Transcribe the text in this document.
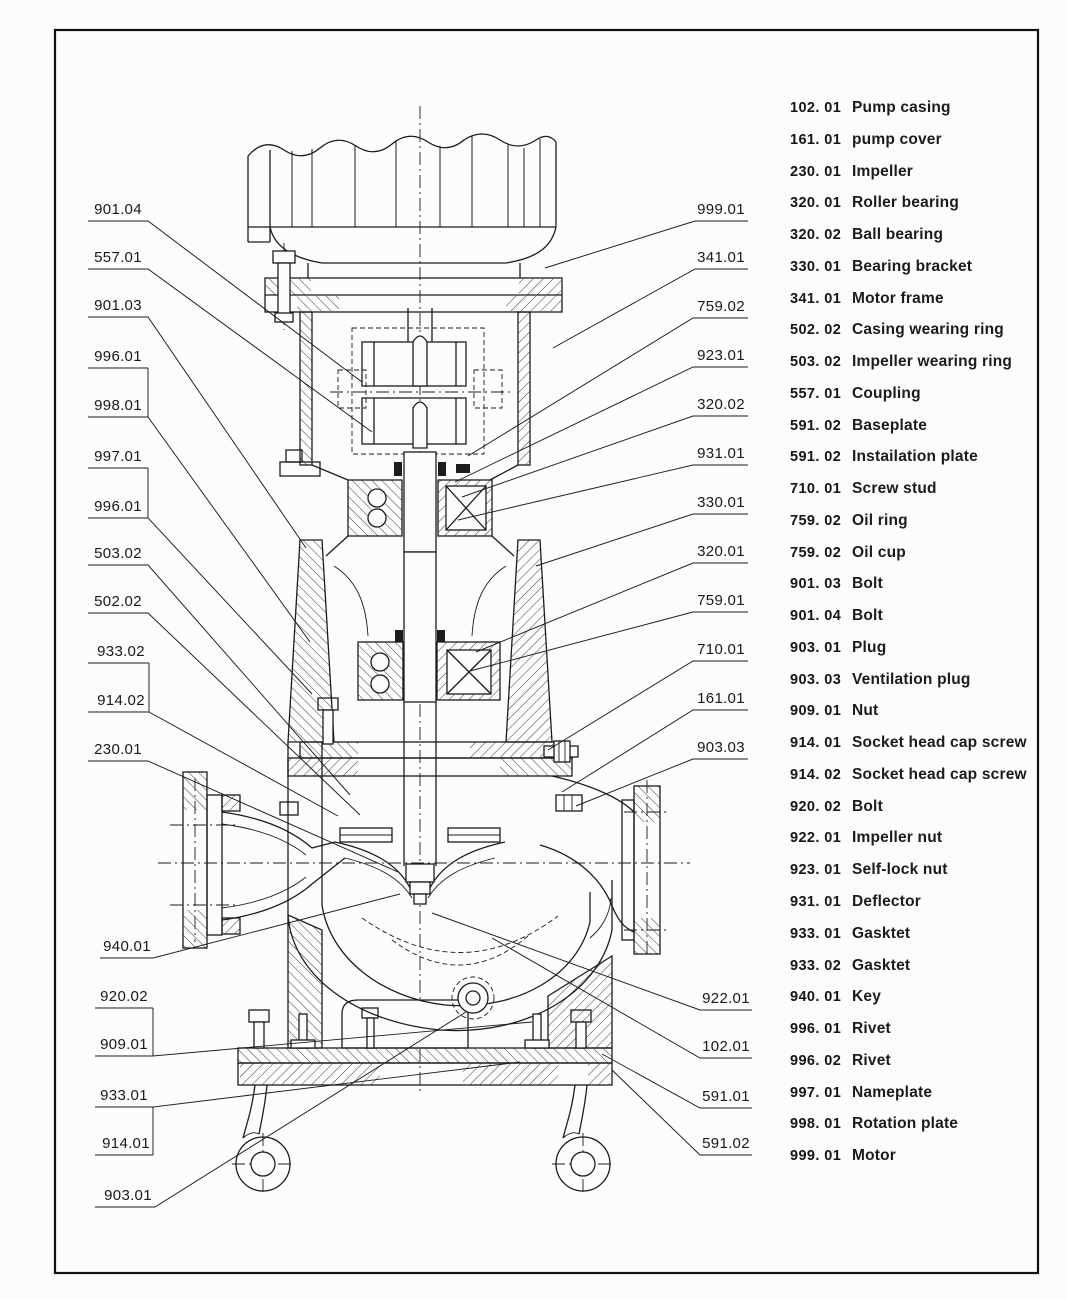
102. 01 Pump casing
161. 01 pump cover
230. 01 Impeller
320. 01 Roller bearing
320. 02 Ball bearing
330. 01 Bearing bracket
341. 01 Motor frame
502. 02 Casing wearing ring
503. 02 Impeller wearing ring
557. 01 Coupling
591. 02 Baseplate
591. 02 Instailation plate
710. 01 Screw stud
759. 02 Oil ring
759. 02 Oil cup
901. 03 Bolt
901. 04 Bolt
903. 01 Plug
903. 03 Ventilation plug
909. 01 Nut
914. 01 Socket head cap screw
914. 02 Socket head cap screw
920. 02 Bolt
922. 01 Impeller nut
923. 01 Self-lock nut
931. 01 Deflector
933. 01 Gasktet
933. 02 Gasktet
940. 01 Key
996. 01 Rivet
996. 02 Rivet
997. 01 Nameplate
998. 01 Rotation plate
999. 01 Motor
901.04
557.01
901.03
996.01
998.01
997.01
996.01
503.02
502.02
933.02
914.02
230.01
940.01
920.02
909.01
933.01
914.01
903.01
999.01
341.01
759.02
923.01
320.02
931.01
330.01
320.01
759.01
710.01
161.01
903.03
922.01
102.01
591.01
591.02
